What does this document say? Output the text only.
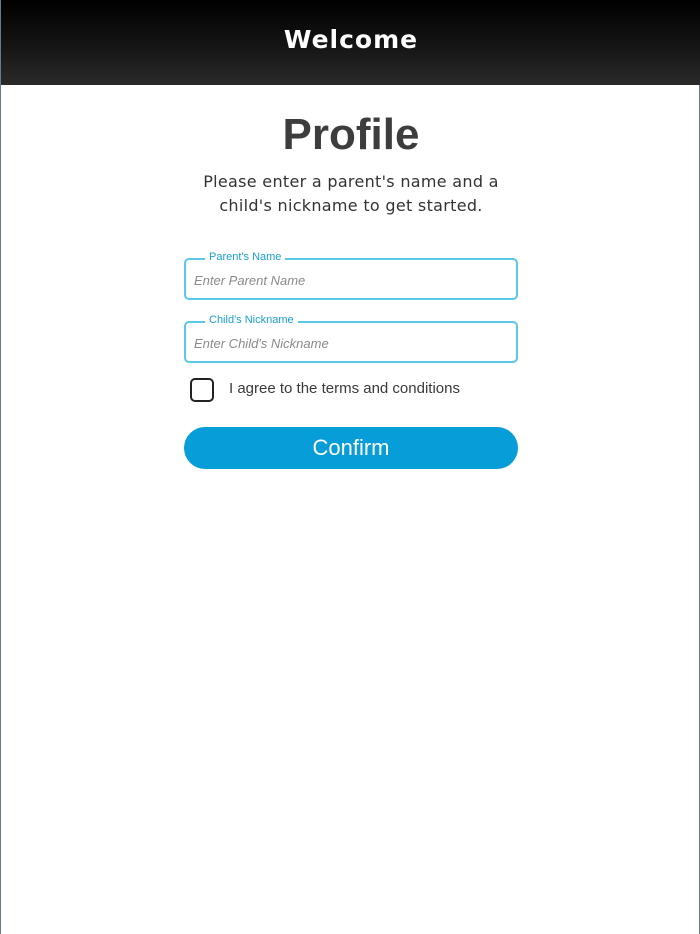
Welcome
Profile
Please enter a parent's name and a child's nickname to get started.
Parent's Name
Enter Parent Name
Child's Nickname
Enter Child's Nickname
I agree to the terms and conditions
Confirm
